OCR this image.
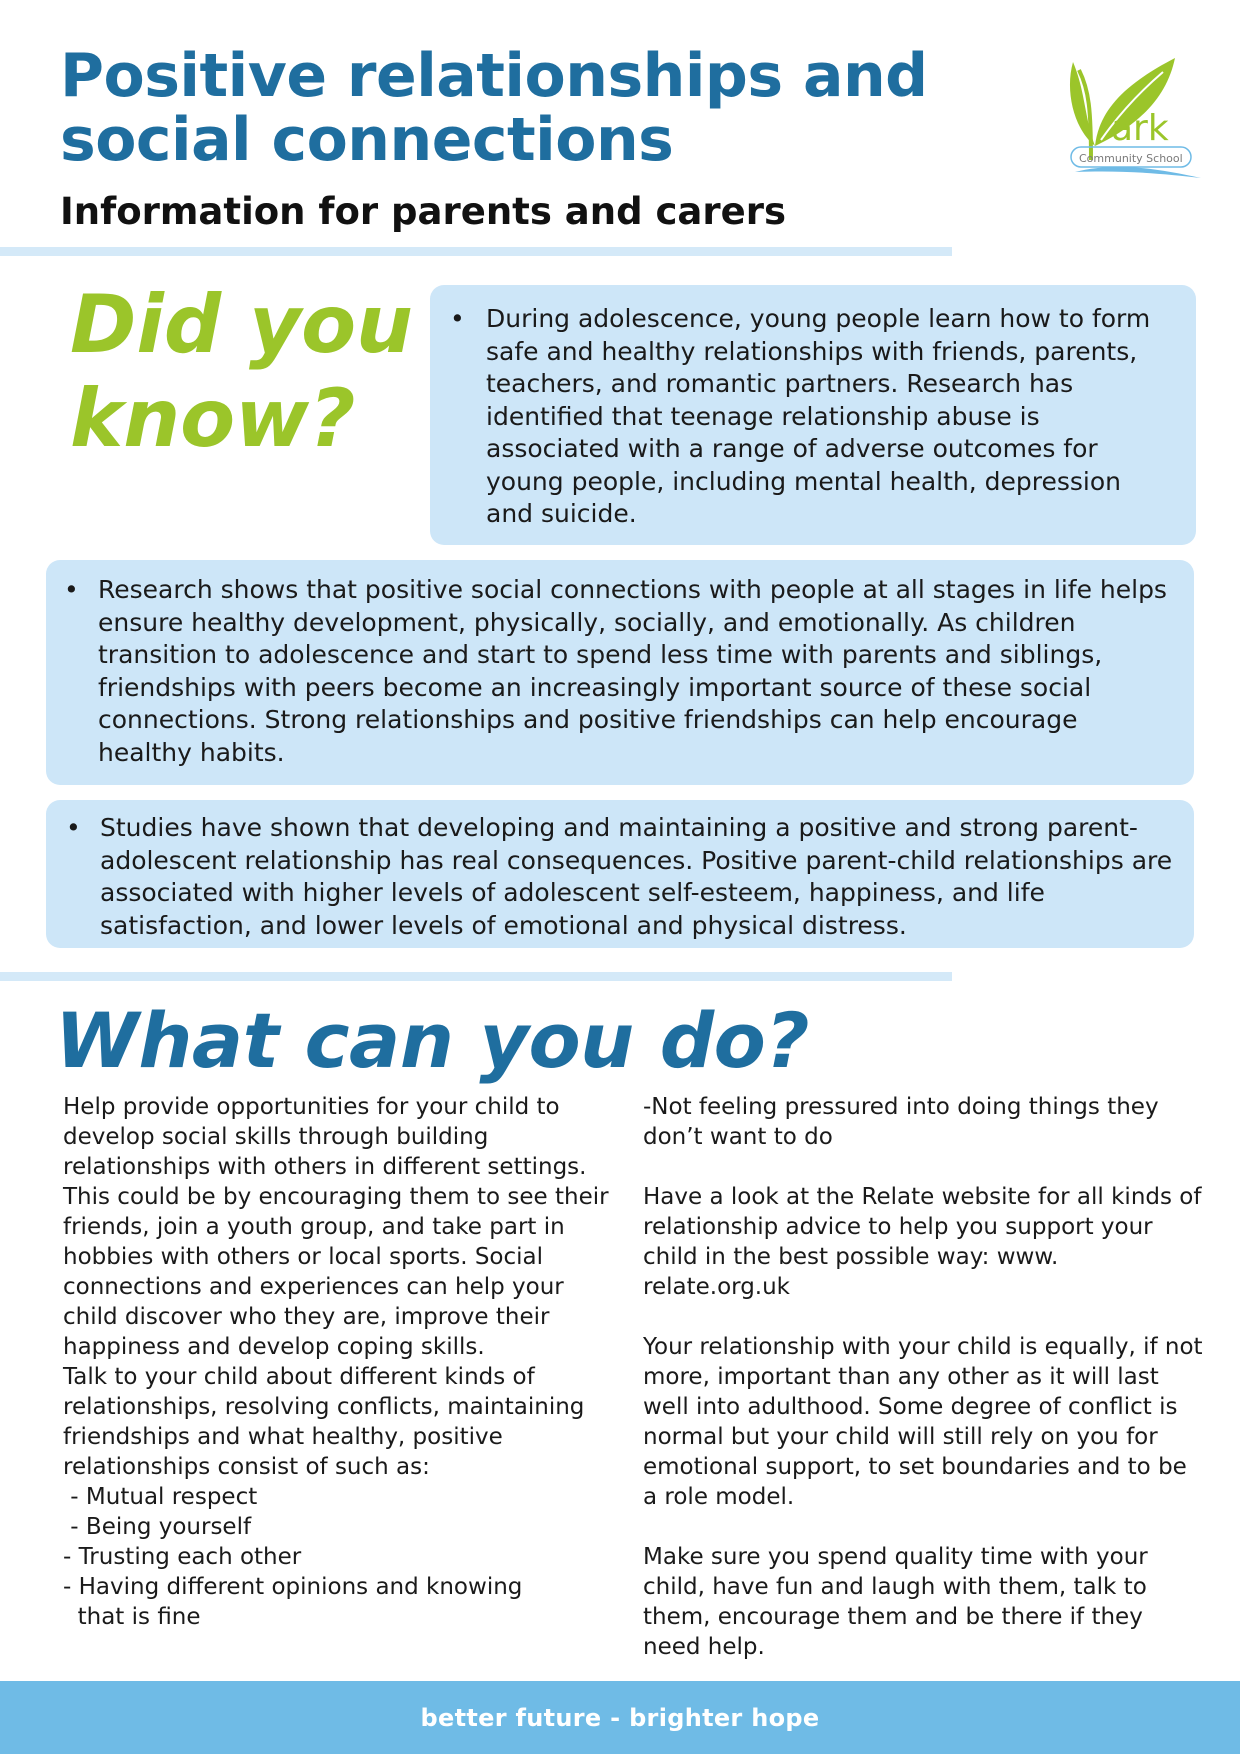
Positive relationships and
social connections
Information for parents and carers
ark
Community School
Did you
know?

• During adolescence, young people learn how to form safe and healthy relationships with friends, parents, teachers, and romantic partners. Research has identified that teenage relationship abuse is associated with a range of adverse outcomes for young people, including mental health, depression and suicide.

• Research shows that positive social connections with people at all stages in life helps ensure healthy development, physically, socially, and emotionally. As children transition to adolescence and start to spend less time with parents and siblings, friendships with peers become an increasingly important source of these social connections. Strong relationships and positive friendships can help encourage healthy habits.

• Studies have shown that developing and maintaining a positive and strong parent-adolescent relationship has real consequences. Positive parent-child relationships are associated with higher levels of adolescent self-esteem, happiness, and life satisfaction, and lower levels of emotional and physical distress.

What can you do?

Help provide opportunities for your child to develop social skills through building relationships with others in different settings. This could be by encouraging them to see their friends, join a youth group, and take part in hobbies with others or local sports. Social connections and experiences can help your child discover who they are, improve their happiness and develop coping skills.

Talk to your child about different kinds of relationships, resolving conflicts, maintaining friendships and what healthy, positive relationships consist of such as:

- Mutual respect

- Being yourself

- Trusting each other

- Having different opinions and knowing
that is fine

-Not feeling pressured into doing things they don’t want to do

Have a look at the Relate website for all kinds of relationship advice to help you support your child in the best possible way: www. relate.org.uk

Your relationship with your child is equally, if not more, important than any other as it will last well into adulthood. Some degree of conflict is normal but your child will still rely on you for emotional support, to set boundaries and to be a role model.

Make sure you spend quality time with your child, have fun and laugh with them, talk to them, encourage them and be there if they need help.

better future - brighter hope
